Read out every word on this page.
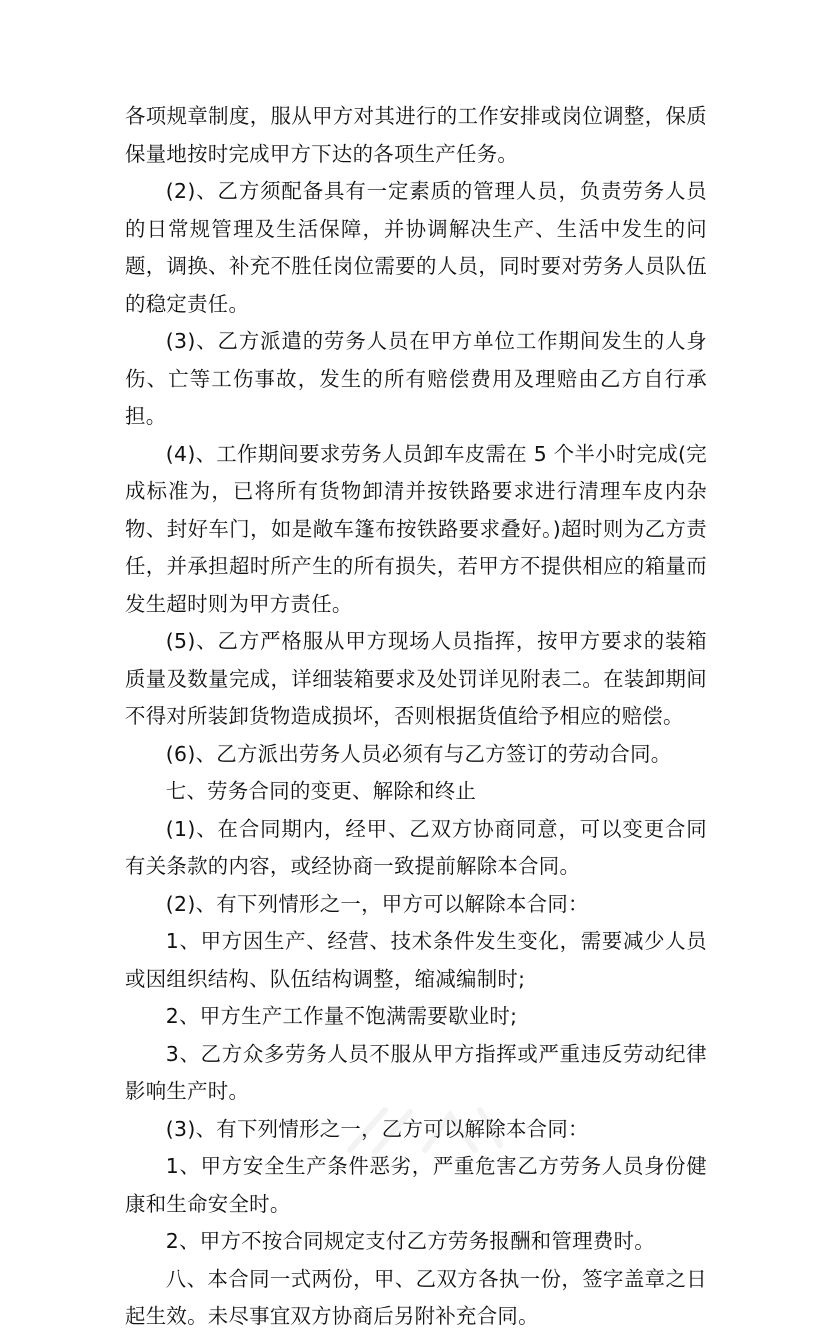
各项规章制度，服从甲方对其进行的工作安排或岗位调整，保质保量地按时完成甲方下达的各项生产任务。

(2)、乙方须配备具有一定素质的管理人员，负责劳务人员的日常规管理及生活保障，并协调解决生产、生活中发生的问题，调换、补充不胜任岗位需要的人员，同时要对劳务人员队伍的稳定责任。

(3)、乙方派遣的劳务人员在甲方单位工作期间发生的人身伤、亡等工伤事故，发生的所有赔偿费用及理赔由乙方自行承担。

(4)、工作期间要求劳务人员卸车皮需在 5 个半小时完成(完成标准为，已将所有货物卸清并按铁路要求进行清理车皮内杂物、封好车门，如是敞车篷布按铁路要求叠好。)超时则为乙方责任，并承担超时所产生的所有损失，若甲方不提供相应的箱量而发生超时则为甲方责任。

(5)、乙方严格服从甲方现场人员指挥，按甲方要求的装箱质量及数量完成，详细装箱要求及处罚详见附表二。在装卸期间不得对所装卸货物造成损坏，否则根据货值给予相应的赔偿。

(6)、乙方派出劳务人员必须有与乙方签订的劳动合同。

七、劳务合同的变更、解除和终止

(1)、在合同期内，经甲、乙双方协商同意，可以变更合同有关条款的内容，或经协商一致提前解除本合同。

(2)、有下列情形之一，甲方可以解除本合同：

1、甲方因生产、经营、技术条件发生变化，需要减少人员或因组织结构、队伍结构调整，缩减编制时;

2、甲方生产工作量不饱满需要歇业时;

3、乙方众多劳务人员不服从甲方指挥或严重违反劳动纪律影响生产时。

(3)、有下列情形之一，乙方可以解除本合同：

1、甲方安全生产条件恶劣，严重危害乙方劳务人员身份健康和生命安全时。

2、甲方不按合同规定支付乙方劳务报酬和管理费时。

八、本合同一式两份，甲、乙双方各执一份，签字盖章之日起生效。未尽事宜双方协商后另附补充合同。
